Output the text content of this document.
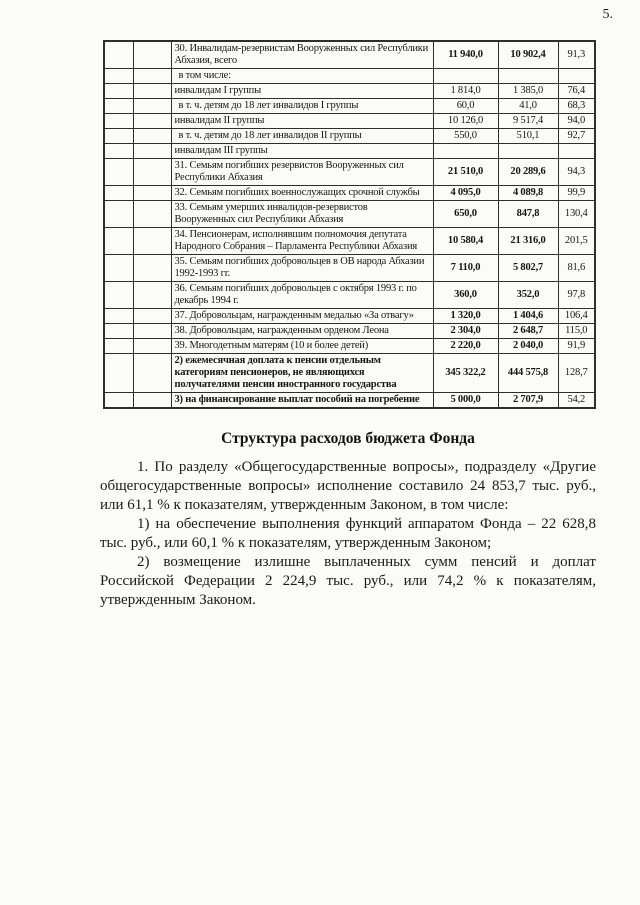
5.
		30. Инвалидам-резервистам Вооруженных сил Республики Абхазия, всего	11 940,0	10 902,4	91,3
		в том числе:			
		инвалидам I группы	1 814,0	1 385,0	76,4
		в т. ч. детям до 18 лет инвалидов I группы	60,0	41,0	68,3
		инвалидам II группы	10 126,0	9 517,4	94,0
		в т. ч. детям до 18 лет инвалидов II группы	550,0	510,1	92,7
		инвалидам III группы			
		31. Семьям погибших резервистов Вооруженных сил Республики Абхазия	21 510,0	20 289,6	94,3
		32. Семьям погибших военнослужащих срочной службы	4 095,0	4 089,8	99,9
		33. Семьям умерших инвалидов-резервистов Вооруженных сил Республики Абхазия	650,0	847,8	130,4
		34. Пенсионерам, исполнявшим полномочия депутата Народного Собрания – Парламента Республики Абхазия	10 580,4	21 316,0	201,5
		35. Семьям погибших добровольцев в ОВ народа Абхазии 1992-1993 гг.	7 110,0	5 802,7	81,6
		36. Семьям погибших добровольцев с октября 1993 г. по декабрь 1994 г.	360,0	352,0	97,8
		37. Добровольцам, награжденным медалью «За отвагу»	1 320,0	1 404,6	106,4
		38. Добровольцам, награжденным орденом Леона	2 304,0	2 648,7	115,0
		39. Многодетным матерям (10 и более детей)	2 220,0	2 040,0	91,9
		2) ежемесячная доплата к пенсии отдельным категориям пенсионеров, не являющихся получателями пенсии иностранного государства	345 322,2	444 575,8	128,7
		3) на финансирование выплат пособий на погребение	5 000,0	2 707,9	54,2
Структура расходов бюджета Фонда

1. По разделу «Общегосударственные вопросы», подразделу «Другие общегосударственные вопросы» исполнение составило 24 853,7 тыс. руб., или 61,1 % к показателям, утвержденным Законом, в том числе:

1) на обеспечение выполнения функций аппаратом Фонда – 22 628,8 тыс. руб., или 60,1 % к показателям, утвержденным Законом;

2) возмещение излишне выплаченных сумм пенсий и доплат Российской Федерации 2 224,9 тыс. руб., или 74,2 % к показателям, утвержденным Законом.
